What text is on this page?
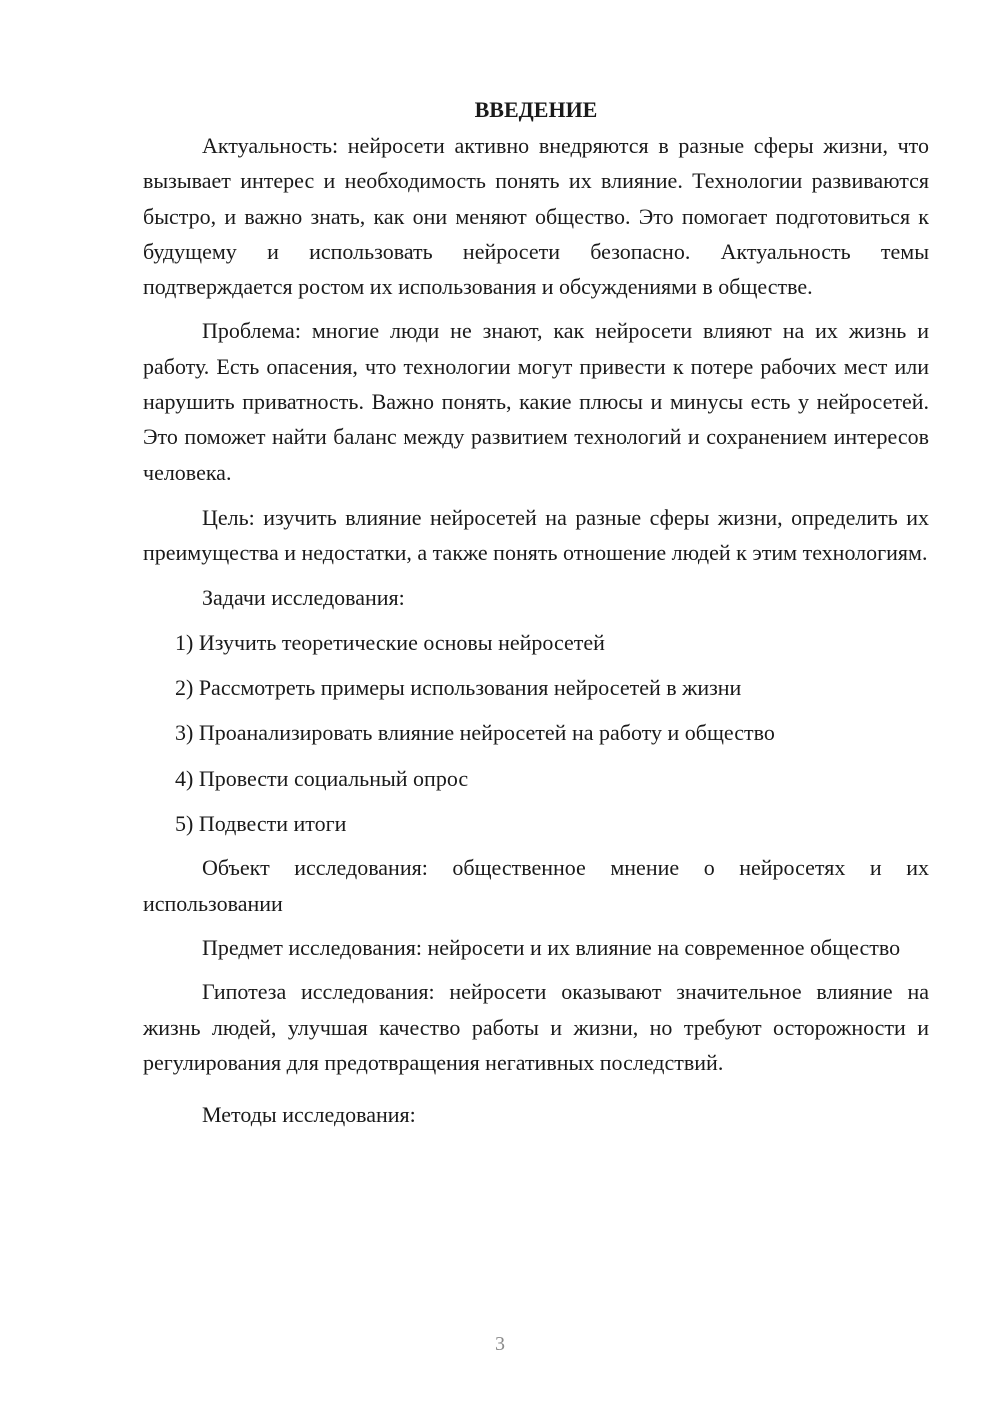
ВВЕДЕНИЕ

Актуальность: нейросети активно внедряются в разные сферы жизни, что вызывает интерес и необходимость понять их влияние. Технологии развиваются быстро, и важно знать, как они меняют общество. Это помогает подготовиться к будущему и использовать нейросети безопасно. Актуальность темы подтверждается ростом их использования и обсуждениями в обществе.

Проблема: многие люди не знают, как нейросети влияют на их жизнь и работу. Есть опасения, что технологии могут привести к потере рабочих мест или нарушить приватность. Важно понять, какие плюсы и минусы есть у нейросетей. Это поможет найти баланс между развитием технологий и сохранением интересов человека.

Цель: изучить влияние нейросетей на разные сферы жизни, определить их преимущества и недостатки, а также понять отношение людей к этим технологиям.

Задачи исследования:

1) Изучить теоретические основы нейросетей

2) Рассмотреть примеры использования нейросетей в жизни

3) Проанализировать влияние нейросетей на работу и общество

4) Провести социальный опрос

5) Подвести итоги

Объект исследования: общественное мнение о нейросетях и их использовании

Предмет исследования: нейросети и их влияние на современное общество

Гипотеза исследования: нейросети оказывают значительное влияние на жизнь людей, улучшая качество работы и жизни, но требуют осторожности и регулирования для предотвращения негативных последствий.

Методы исследования:

3
